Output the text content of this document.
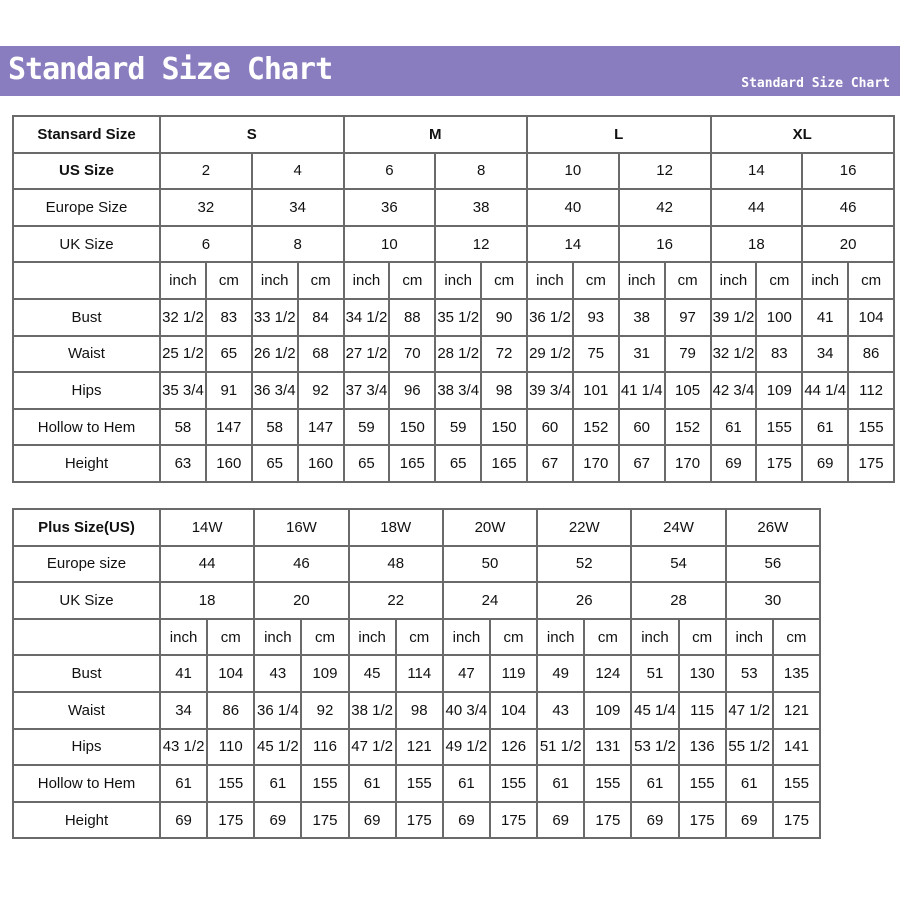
Standard Size Chart	Standard Size Chart
Stansard Size	S				M				L				XL			
US Size	2		4		6		8		10		12		14		16	
Europe Size	32		34		36		38		40		42		44		46	
UK Size	6		8		10		12		14		16		18		20	
	inch	cm	inch	cm	inch	cm	inch	cm	inch	cm	inch	cm	inch	cm	inch	cm
Bust	32 1/2	83	33 1/2	84	34 1/2	88	35 1/2	90	36 1/2	93	38	97	39 1/2	100	41	104
Waist	25 1/2	65	26 1/2	68	27 1/2	70	28 1/2	72	29 1/2	75	31	79	32 1/2	83	34	86
Hips	35 3/4	91	36 3/4	92	37 3/4	96	38 3/4	98	39 3/4	101	41 1/4	105	42 3/4	109	44 1/4	112
Hollow to Hem	58	147	58	147	59	150	59	150	60	152	60	152	61	155	61	155
Height	63	160	65	160	65	165	65	165	67	170	67	170	69	175	69	175
Plus Size(US)	14W		16W		18W		20W		22W		24W		26W		
Europe size	44		46		48		50		52		54		56		
UK Size	18		20		22		24		26		28		30		
	inch	cm	inch	cm	inch	cm	inch	cm	inch	cm	inch	cm	inch	cm	
Bust	41	104	43	109	45	114	47	119	49	124	51	130	53	135	
Waist	34	86	36 1/4	92	38 1/2	98	40 3/4	104	43	109	45 1/4	115	47 1/2	121	
Hips	43 1/2	110	45 1/2	116	47 1/2	121	49 1/2	126	51 1/2	131	53 1/2	136	55 1/2	141	
Hollow to Hem	61	155	61	155	61	155	61	155	61	155	61	155	61	155	
Height	69	175	69	175	69	175	69	175	69	175	69	175	69	175	
